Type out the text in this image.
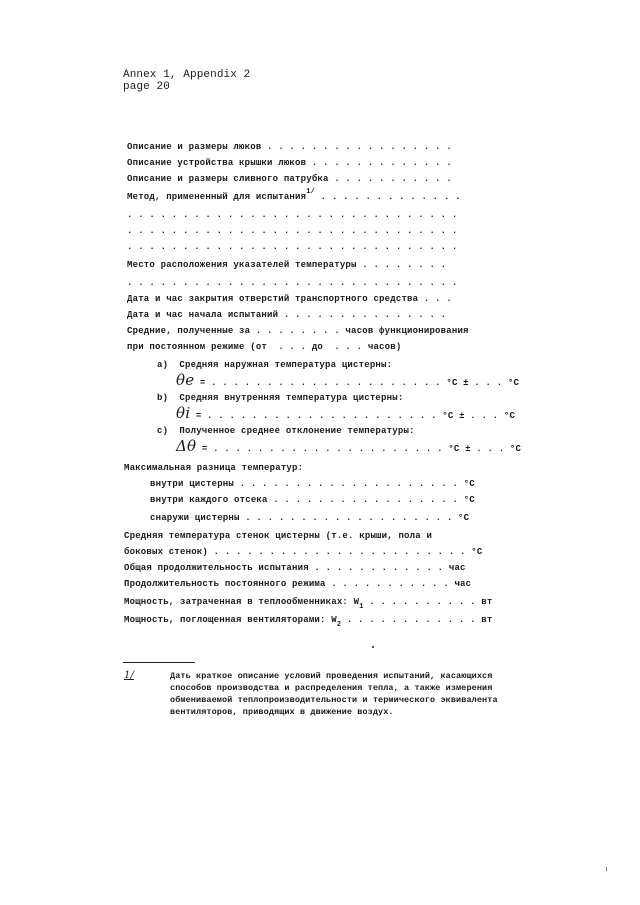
Annex 1, Appendix 2
page 20
Описание и размеры люков . . . . . . . . . . . . . . . . .
Описание устройства крышки люков . . . . . . . . . . . . .
Описание и размеры сливного патрубка . . . . . . . . . . .
Метод, примененный для испытания$^{1/}$ . . . . . . . . . . . . .
. . . . . . . . . . . . . . . . . . . . . . . . . . . . . .
. . . . . . . . . . . . . . . . . . . . . . . . . . . . . .
. . . . . . . . . . . . . . . . . . . . . . . . . . . . . .
Место расположения указателей температуры . . . . . . . .
. . . . . . . . . . . . . . . . . . . . . . . . . . . . . .
Дата и час закрытия отверстий транспортного средства . . .
Дата и час начала испытаний . . . . . . . . . . . . . . .
Средние, полученные за . . . . . . . . часов функционирования
при постоянном режиме (от  . . . до  . . . часов)
a)  Средняя наружная температура цистерны:
θe = . . . . . . . . . . . . . . . . . . . . . °C ± . . . °C
b)  Средняя внутренняя температура цистерны:
θi = . . . . . . . . . . . . . . . . . . . . . °C ± . . . °C
c)  Полученное среднее отклонение температуры:
Δθ = . . . . . . . . . . . . . . . . . . . . . °C ± . . . °C
Максимальная разница температур:
внутри цистерны . . . . . . . . . . . . . . . . . . . . °C
внутри каждого отсека . . . . . . . . . . . . . . . . . °C
снаружи цистерны . . . . . . . . . . . . . . . . . . . °C
Средняя температура стенок цистерны (т.е. крыши, пола и
боковых стенок) . . . . . . . . . . . . . . . . . . . . . . . °C
Общая продолжительность испытания . . . . . . . . . . . . час
Продолжительность постоянного режима . . . . . . . . . . . час
Мощность, затраченная в теплообменниках: $W_1$ . . . . . . . . . . вт
Мощность, поглощенная вентиляторами: $W_2$ . . . . . . . . . . . . вт
1/	Дать краткое описание условий проведения испытаний, касающихся
способов производства и распределения тепла, а также измерения
обмениваемой теплопроизводительности и термического эквивалента
вентиляторов, приводящих в движение воздух.
